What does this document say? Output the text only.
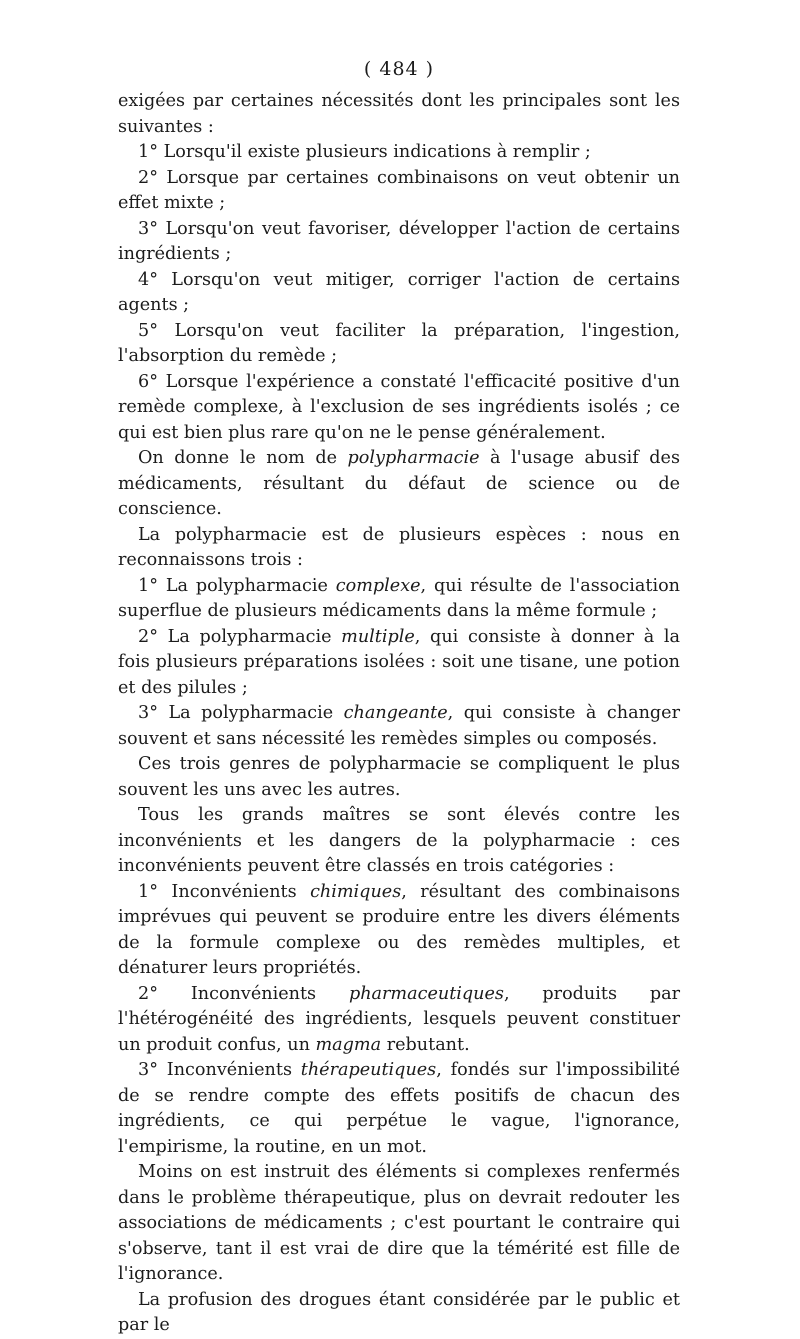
( 484 )

exigées par certaines nécessités dont les principales sont les suivantes :

1° Lorsqu'il existe plusieurs indications à remplir ;

2° Lorsque par certaines combinaisons on veut obtenir un effet mixte ;

3° Lorsqu'on veut favoriser, développer l'action de certains ingrédients ;

4° Lorsqu'on veut mitiger, corriger l'action de certains agents ;

5° Lorsqu'on veut faciliter la préparation, l'ingestion, l'absorption du remède ;

6° Lorsque l'expérience a constaté l'efficacité positive d'un remède complexe, à l'exclusion de ses ingrédients isolés ; ce qui est bien plus rare qu'on ne le pense généralement.

On donne le nom de polypharmacie à l'usage abusif des médicaments, résultant du défaut de science ou de conscience.

La polypharmacie est de plusieurs espèces : nous en reconnaissons trois :

1° La polypharmacie complexe, qui résulte de l'association superflue de plusieurs médicaments dans la même formule ;

2° La polypharmacie multiple, qui consiste à donner à la fois plusieurs préparations isolées : soit une tisane, une potion et des pilules ;

3° La polypharmacie changeante, qui consiste à changer souvent et sans nécessité les remèdes simples ou composés.

Ces trois genres de polypharmacie se compliquent le plus souvent les uns avec les autres.

Tous les grands maîtres se sont élevés contre les inconvénients et les dangers de la polypharmacie : ces inconvénients peuvent être classés en trois catégories :

1° Inconvénients chimiques, résultant des combinaisons imprévues qui peuvent se produire entre les divers éléments de la formule complexe ou des remèdes multiples, et dénaturer leurs propriétés.

2° Inconvénients pharmaceutiques, produits par l'hétérogénéité des ingrédients, lesquels peuvent constituer un produit confus, un magma rebutant.

3° Inconvénients thérapeutiques, fondés sur l'impossibilité de se rendre compte des effets positifs de chacun des ingrédients, ce qui perpétue le vague, l'ignorance, l'empirisme, la routine, en un mot.

Moins on est instruit des éléments si complexes renfermés dans le problème thérapeutique, plus on devrait redouter les associations de médicaments ; c'est pourtant le contraire qui s'observe, tant il est vrai de dire que la témérité est fille de l'ignorance.

La profusion des drogues étant considérée par le public et par le
